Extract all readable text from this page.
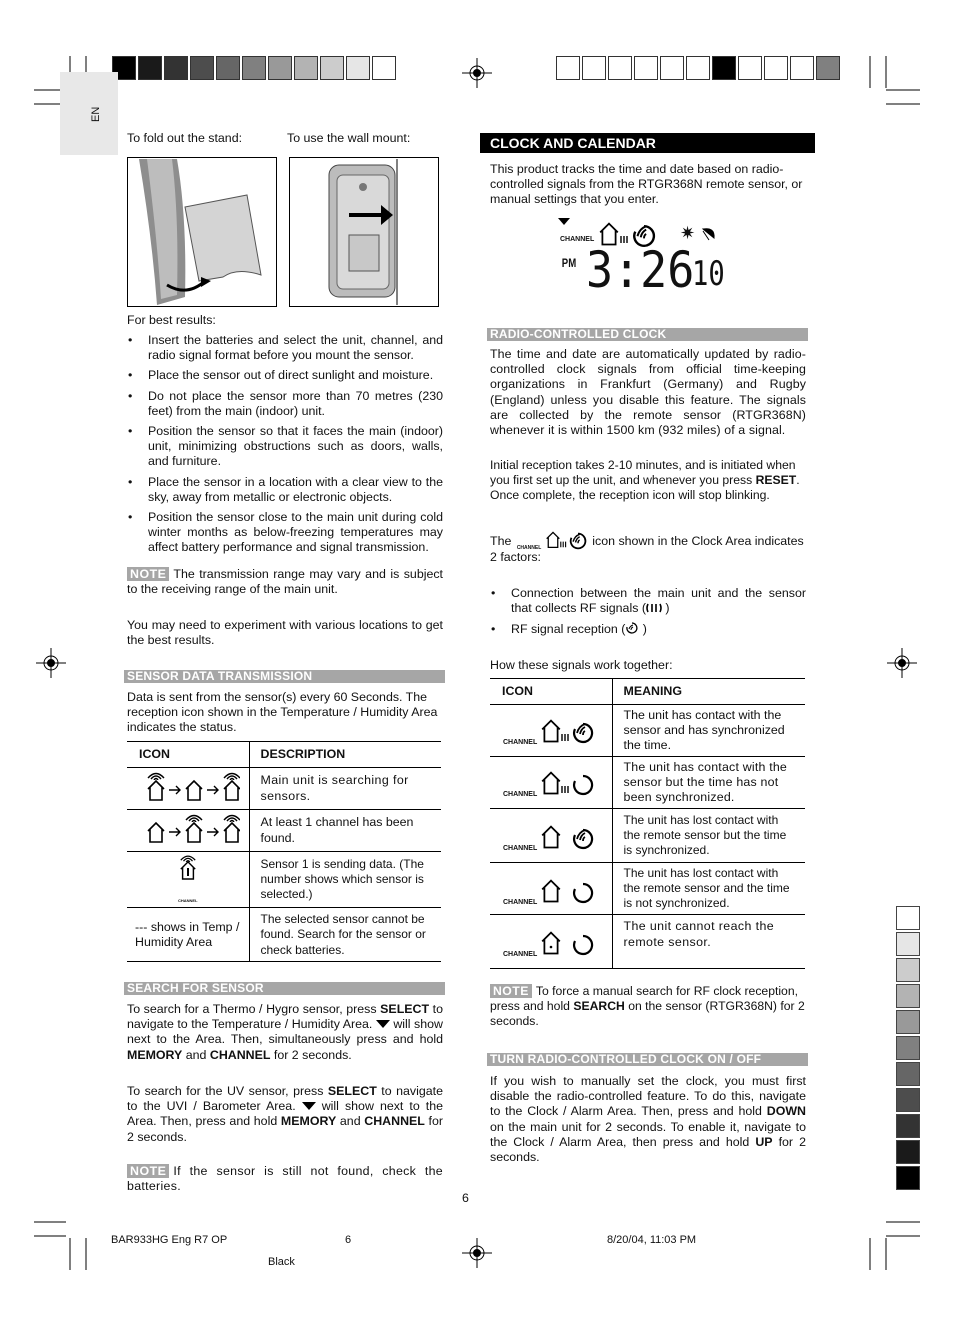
EN

To fold out the stand:	To use the wall mount:

For best results:

• Insert the batteries and select the unit, channel, and radio signal format before you mount the sensor.
• Place the sensor out of direct sunlight and moisture.
• Do not place the sensor more than 70 metres (230 feet) from the main (indoor) unit.
• Position the sensor so that it faces the main (indoor) unit, minimizing obstructions such as doors, walls, and furniture.
• Place the sensor in a location with a clear view to the sky, away from metallic or electronic objects.
• Position the sensor close to the main unit during cold winter months as below-freezing temperatures may affect battery performance and signal transmission.

NOTE The transmission range may vary and is subject to the receiving range of the main unit.

You may need to experiment with various locations to get the best results.

SENSOR DATA TRANSMISSION

Data is sent from the sensor(s) every 60 Seconds. The reception icon shown in the Temperature / Humidity Area indicates the status.

ICON	DESCRIPTION
	Main unit is searching for sensors.
	At least 1 channel has been found.

CHANNEL	Sensor 1 is sending data. (The number shows which sensor is selected.)
--- shows in Temp / Humidity Area	The selected sensor cannot be found. Search for the sensor or check batteries.
SEARCH FOR SENSOR

To search for a Thermo / Hygro sensor, press SELECT to navigate to the Temperature / Humidity Area.  will show next to the Area. Then, simultaneously press and hold MEMORY and CHANNEL for 2 seconds.

To search for the UV sensor, press SELECT to navigate to the UVI / Barometer Area.  will show next to the Area. Then, press and hold MEMORY and CHANNEL for 2 seconds.

NOTE If the sensor is still not found, check the batteries.

CLOCK AND CALENDAR

This product tracks the time and date based on radio-controlled signals from the RTGR368N remote sensor, or manual settings that you enter.

CHANNEL	✷
PM 3:26
10
RADIO-CONTROLLED CLOCK

The time and date are automatically updated by radio-controlled clock signals from official time-keeping organizations in Frankfurt (Germany) and Rugby (England) unless you disable this feature. The signals are collected by the remote sensor (RTGR368N) whenever it is within 1500 km (932 miles) of a signal.

Initial reception takes 2-10 minutes, and is initiated when you first set up the unit, and whenever you press RESET. Once complete, the reception icon will stop blinking.

The CHANNEL	icon shown in the Clock Area indicates 2 factors:
• Connection between the main unit and the sensor that collects RF signals ( )
• RF signal reception ( )

How these signals work together:

ICON	MEANING

CHANNEL	The unit has contact with the sensor and has synchronized the time.

CHANNEL	The unit has contact with the sensor but the time has not been synchronized.

CHANNEL	The unit has lost contact with the remote sensor but the time is synchronized.

CHANNEL	The unit has lost contact with the remote sensor and the time is not synchronized.

CHANNEL	The unit cannot reach the remote sensor.

NOTE To force a manual search for RF clock reception, press and hold SEARCH on the sensor (RTGR368N) for 2 seconds.

TURN RADIO-CONTROLLED CLOCK ON / OFF

If you wish to manually set the clock, you must first disable the radio-controlled feature. To do this, navigate to the Clock / Alarm Area. Then, press and hold DOWN on the main unit for 2 seconds. To enable it, navigate to the Clock / Alarm Area, then press and hold UP for 2 seconds.

6
BAR933HG Eng R7 OP	6	8/20/04, 11:03 PM
Black
